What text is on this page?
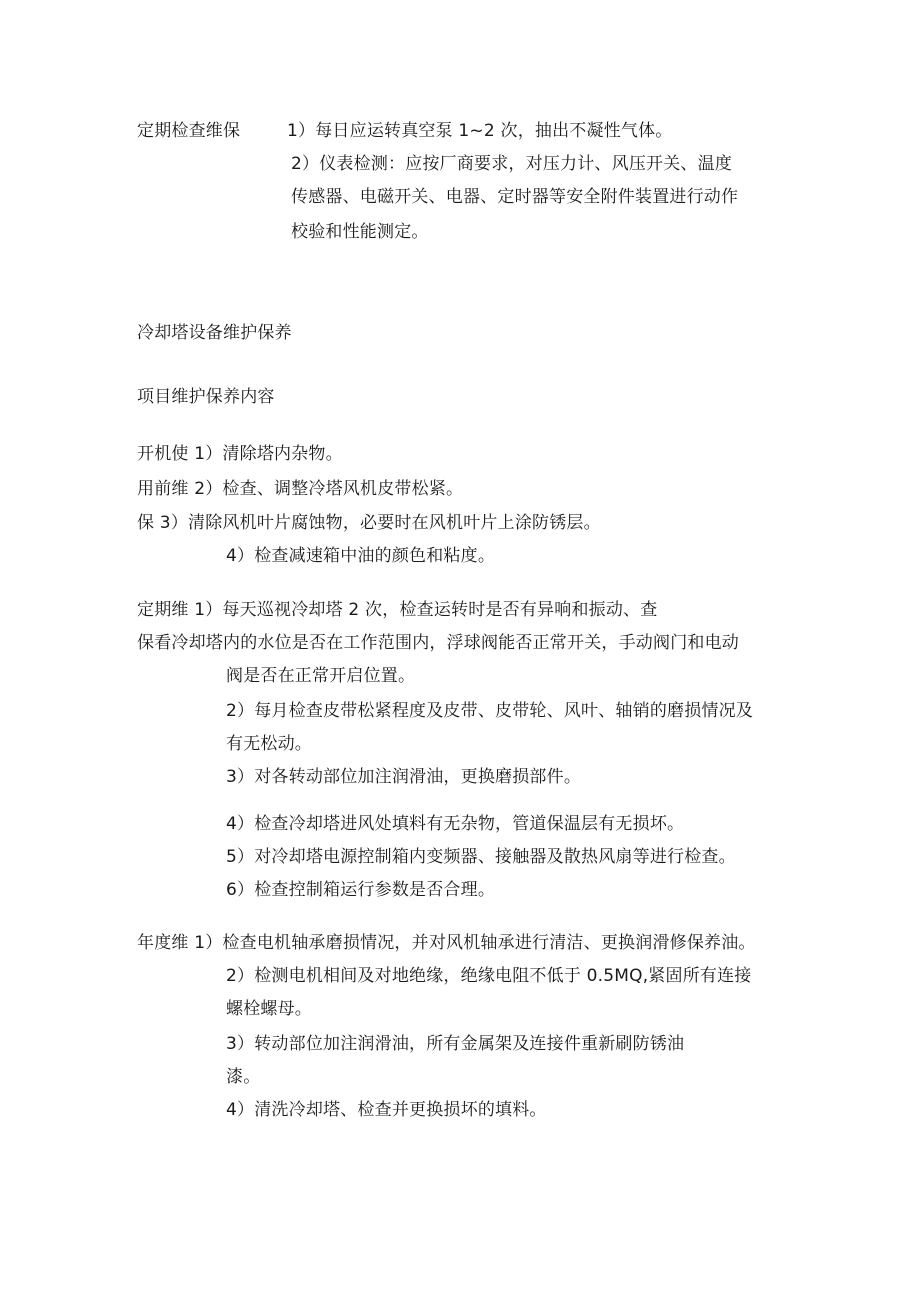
定期检查维保	1）每日应运转真空泵 1~2 次，抽出不凝性气体。
2）仪表检测：应按厂商要求，对压力计、风压开关、温度
传感器、电磁开关、电器、定时器等安全附件装置进行动作
校验和性能测定。
冷却塔设备维护保养
项目维护保养内容
开机使 1）清除塔内杂物。
用前维 2）检查、调整冷塔风机皮带松紧。
保 3）清除风机叶片腐蚀物，必要时在风机叶片上涂防锈层。
4）检查减速箱中油的颜色和粘度。
定期维 1）每天巡视冷却塔 2 次，检查运转时是否有异响和振动、查
保看冷却塔内的水位是否在工作范围内，浮球阀能否正常开关，手动阀门和电动
阀是否在正常开启位置。
2）每月检查皮带松紧程度及皮带、皮带轮、风叶、轴销的磨损情况及
有无松动。
3）对各转动部位加注润滑油，更换磨损部件。
4）检查冷却塔进风处填料有无杂物，管道保温层有无损坏。
5）对冷却塔电源控制箱内变频器、接触器及散热风扇等进行检查。
6）检查控制箱运行参数是否合理。
年度维 1）检查电机轴承磨损情况，并对风机轴承进行清洁、更换润滑修保养油。
2）检测电机相间及对地绝缘，绝缘电阻不低于 0.5MQ,紧固所有连接
螺栓螺母。
3）转动部位加注润滑油，所有金属架及连接件重新刷防锈油
漆。
4）清洗冷却塔、检查并更换损坏的填料。
